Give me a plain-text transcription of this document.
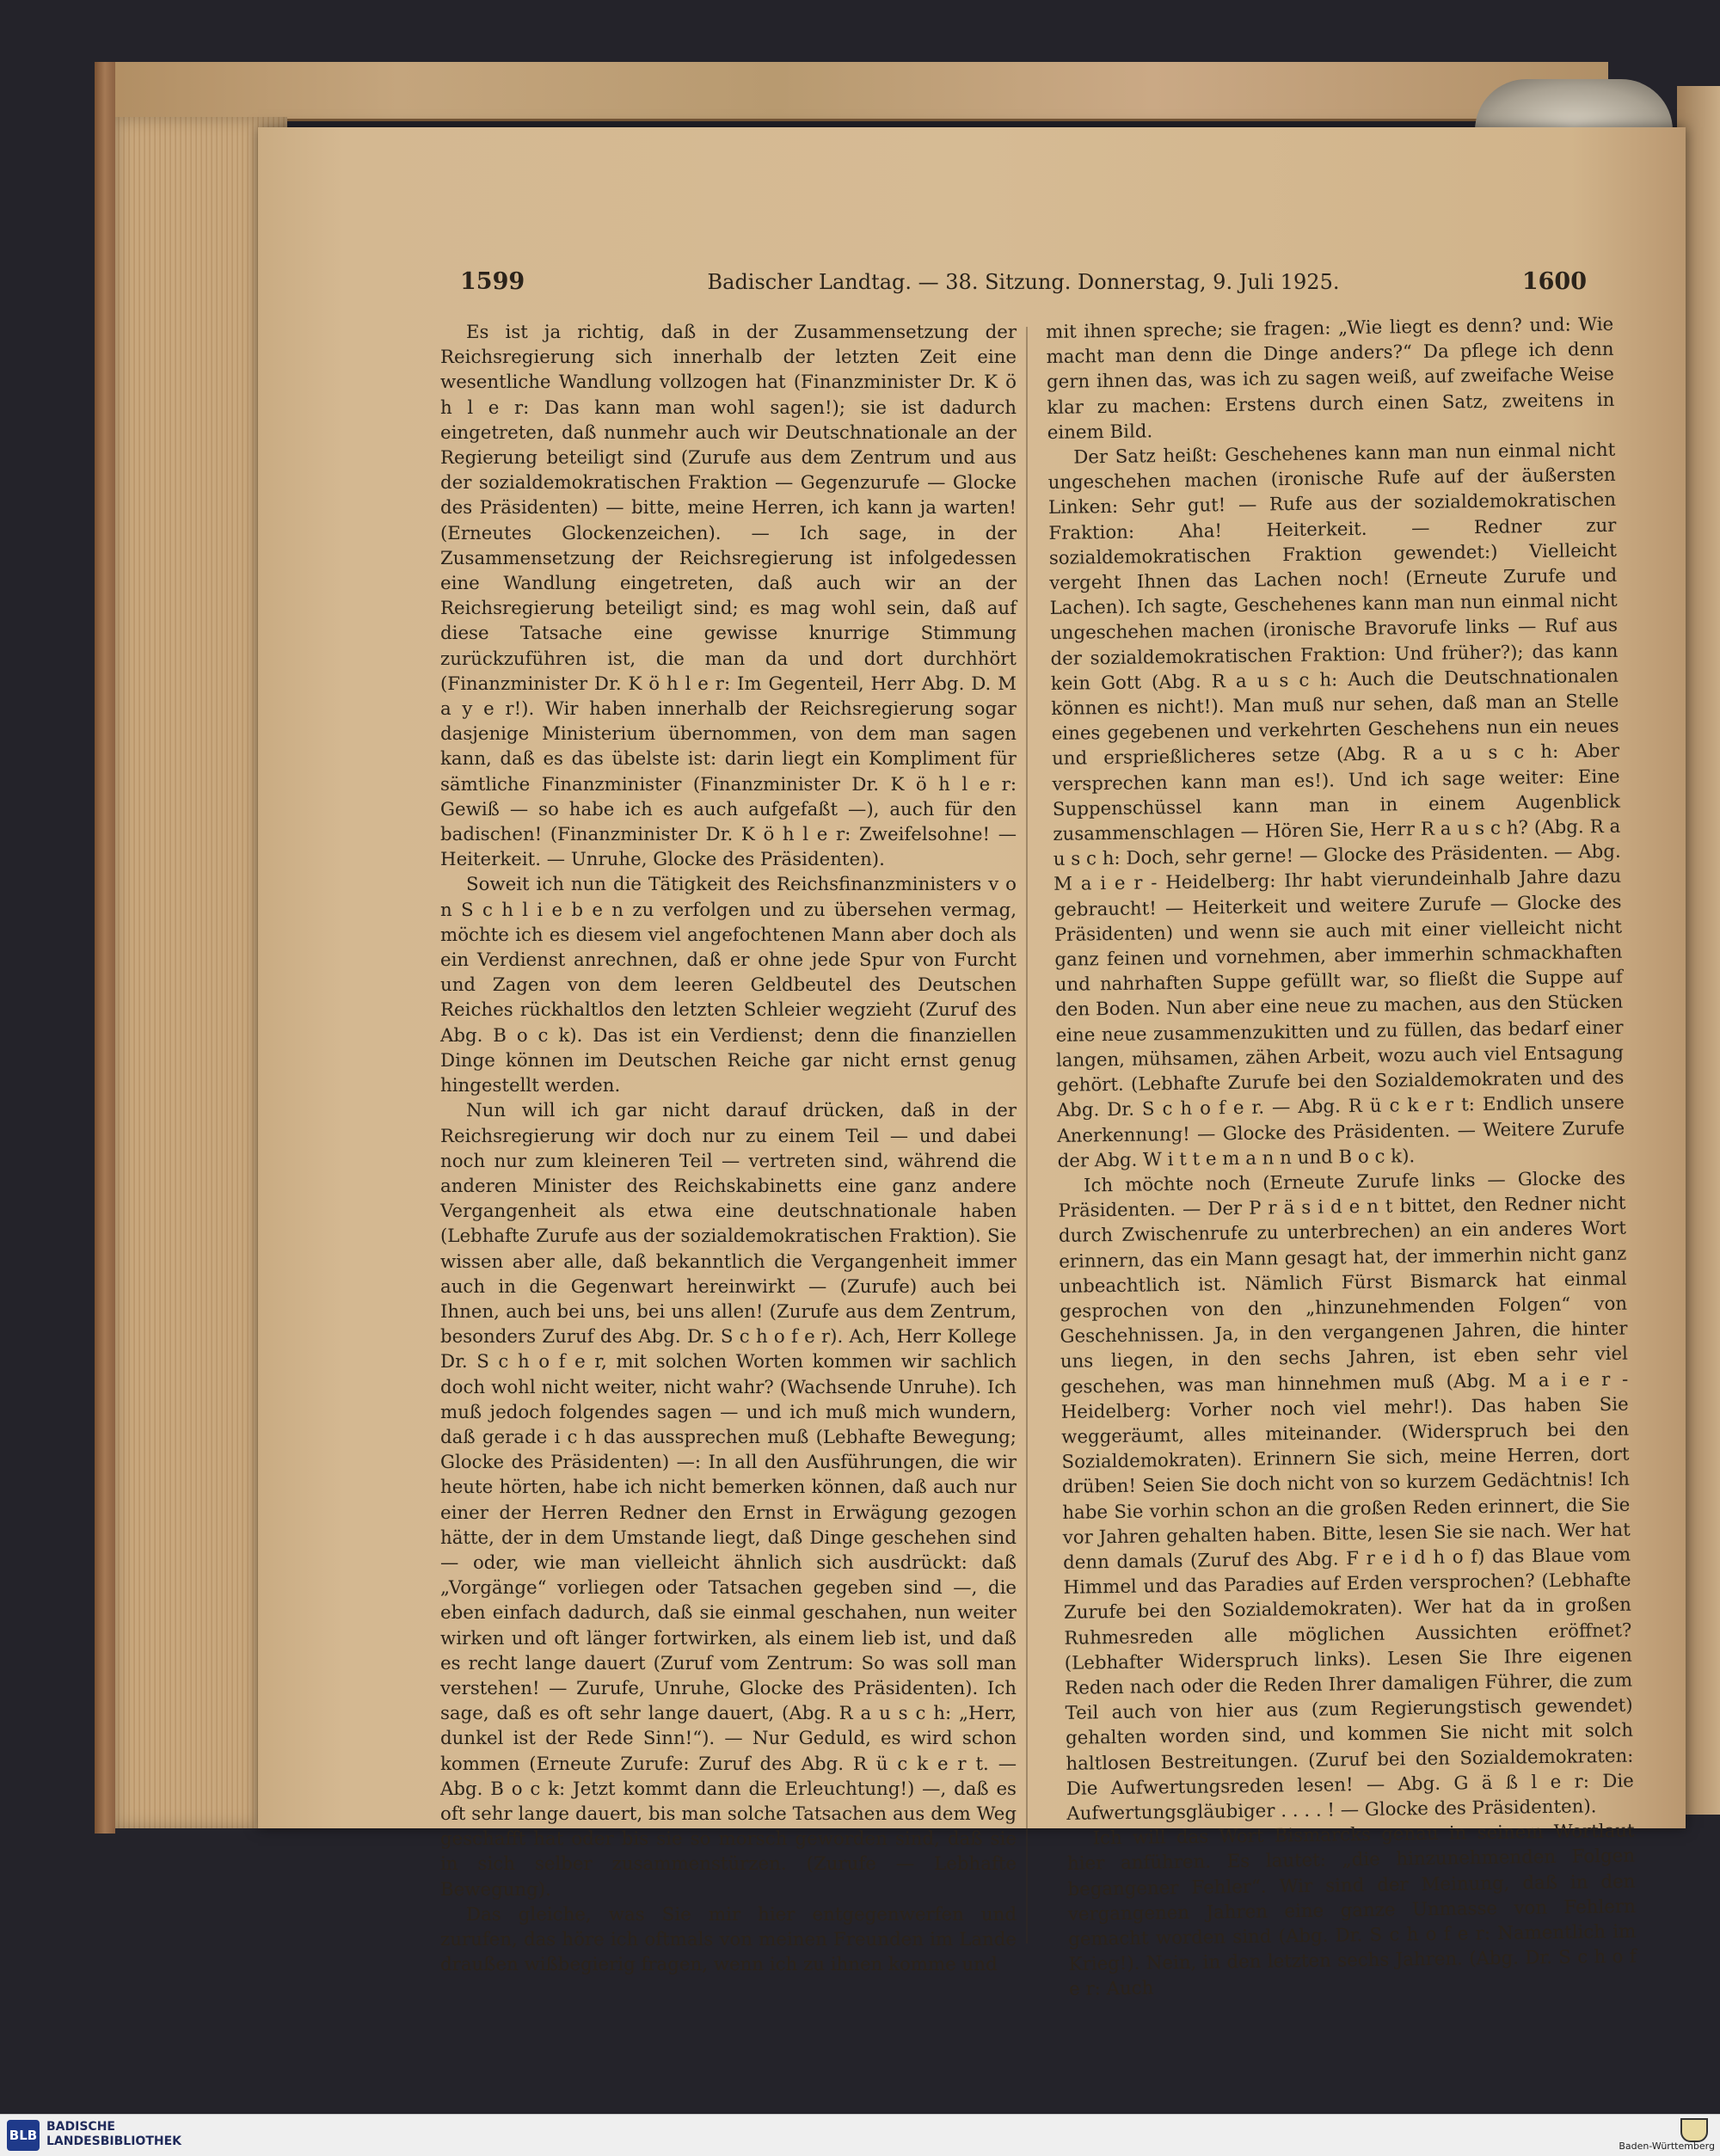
1599	Badischer Landtag. — 38. Sitzung. Donnerstag, 9. Juli 1925.	1600

Es ist ja richtig, daß in der Zusammensetzung der Reichsregierung sich innerhalb der letzten Zeit eine wesentliche Wandlung vollzogen hat (Finanzminister Dr. K ö h l e r: Das kann man wohl sagen!); sie ist dadurch eingetreten, daß nunmehr auch wir Deutschnationale an der Regierung beteiligt sind (Zurufe aus dem Zentrum und aus der sozialdemokratischen Fraktion — Gegenzurufe — Glocke des Präsidenten) — bitte, meine Herren, ich kann ja warten! (Erneutes Glockenzeichen). — Ich sage, in der Zusammensetzung der Reichsregierung ist infolgedessen eine Wandlung eingetreten, daß auch wir an der Reichsregierung beteiligt sind; es mag wohl sein, daß auf diese Tatsache eine gewisse knurrige Stimmung zurückzuführen ist, die man da und dort durchhört (Finanzminister Dr. K ö h l e r: Im Gegenteil, Herr Abg. D. M a y e r!). Wir haben innerhalb der Reichsregierung sogar dasjenige Ministerium übernommen, von dem man sagen kann, daß es das übelste ist: darin liegt ein Kompliment für sämtliche Finanzminister (Finanzminister Dr. K ö h l e r: Gewiß — so habe ich es auch aufgefaßt —), auch für den badischen! (Finanzminister Dr. K ö h l e r: Zweifelsohne! — Heiterkeit. — Unruhe, Glocke des Präsidenten).

Soweit ich nun die Tätigkeit des Reichsfinanzministers v o n S c h l i e b e n zu verfolgen und zu übersehen vermag, möchte ich es diesem viel angefochtenen Mann aber doch als ein Verdienst anrechnen, daß er ohne jede Spur von Furcht und Zagen von dem leeren Geldbeutel des Deutschen Reiches rückhaltlos den letzten Schleier wegzieht (Zuruf des Abg. B o c k). Das ist ein Verdienst; denn die finanziellen Dinge können im Deutschen Reiche gar nicht ernst genug hingestellt werden.

Nun will ich gar nicht darauf drücken, daß in der Reichsregierung wir doch nur zu einem Teil — und dabei noch nur zum kleineren Teil — vertreten sind, während die anderen Minister des Reichskabinetts eine ganz andere Vergangenheit als etwa eine deutschnationale haben (Lebhafte Zurufe aus der sozialdemokratischen Fraktion). Sie wissen aber alle, daß bekanntlich die Vergangenheit immer auch in die Gegenwart hereinwirkt — (Zurufe) auch bei Ihnen, auch bei uns, bei uns allen! (Zurufe aus dem Zentrum, besonders Zuruf des Abg. Dr. S c h o f e r). Ach, Herr Kollege Dr. S c h o f e r, mit solchen Worten kommen wir sachlich doch wohl nicht weiter, nicht wahr? (Wachsende Unruhe). Ich muß jedoch folgendes sagen — und ich muß mich wundern, daß gerade i c h das aussprechen muß (Lebhafte Bewegung; Glocke des Präsidenten) —: In all den Ausführungen, die wir heute hörten, habe ich nicht bemerken können, daß auch nur einer der Herren Redner den Ernst in Erwägung gezogen hätte, der in dem Umstande liegt, daß Dinge geschehen sind — oder, wie man vielleicht ähnlich sich ausdrückt: daß „Vorgänge“ vorliegen oder Tatsachen gegeben sind —, die eben einfach dadurch, daß sie einmal geschahen, nun weiter wirken und oft länger fortwirken, als einem lieb ist, und daß es recht lange dauert (Zuruf vom Zentrum: So was soll man verstehen! — Zurufe, Unruhe, Glocke des Präsidenten). Ich sage, daß es oft sehr lange dauert, (Abg. R a u s c h: „Herr, dunkel ist der Rede Sinn!“). — Nur Geduld, es wird schon kommen (Erneute Zurufe: Zuruf des Abg. R ü c k e r t. — Abg. B o c k: Jetzt kommt dann die Erleuchtung!) —, daß es oft sehr lange dauert, bis man solche Tatsachen aus dem Weg geschafft hat oder bis sie so morsch geworden sind, daß sie in sich selber zusammenstürzen. (Zurufe — Lebhafte Bewegung).

Das gleiche, was Sie mir hier entgegenwerfen und zurufen, das höre ich oftmals von meinen Freunden im Lande draußen wißbegierig fragen, wenn ich zu ihnen komme und

mit ihnen spreche; sie fragen: „Wie liegt es denn? und: Wie macht man denn die Dinge anders?“ Da pflege ich denn gern ihnen das, was ich zu sagen weiß, auf zweifache Weise klar zu machen: Erstens durch einen Satz, zweitens in einem Bild.

Der Satz heißt: Geschehenes kann man nun einmal nicht ungeschehen machen (ironische Rufe auf der äußersten Linken: Sehr gut! — Rufe aus der sozialdemokratischen Fraktion: Aha! Heiterkeit. — Redner zur sozialdemokratischen Fraktion gewendet:) Vielleicht vergeht Ihnen das Lachen noch! (Erneute Zurufe und Lachen). Ich sagte, Geschehenes kann man nun einmal nicht ungeschehen machen (ironische Bravorufe links — Ruf aus der sozialdemokratischen Fraktion: Und früher?); das kann kein Gott (Abg. R a u s c h: Auch die Deutschnationalen können es nicht!). Man muß nur sehen, daß man an Stelle eines gegebenen und verkehrten Geschehens nun ein neues und ersprießlicheres setze (Abg. R a u s c h: Aber versprechen kann man es!). Und ich sage weiter: Eine Suppenschüssel kann man in einem Augenblick zusammenschlagen — Hören Sie, Herr R a u s c h? (Abg. R a u s c h: Doch, sehr gerne! — Glocke des Präsidenten. — Abg. M a i e r - Heidelberg: Ihr habt vierundeinhalb Jahre dazu gebraucht! — Heiterkeit und weitere Zurufe — Glocke des Präsidenten) und wenn sie auch mit einer vielleicht nicht ganz feinen und vornehmen, aber immerhin schmackhaften und nahrhaften Suppe gefüllt war, so fließt die Suppe auf den Boden. Nun aber eine neue zu machen, aus den Stücken eine neue zusammenzukitten und zu füllen, das bedarf einer langen, mühsamen, zähen Arbeit, wozu auch viel Entsagung gehört. (Lebhafte Zurufe bei den Sozialdemokraten und des Abg. Dr. S c h o f e r. — Abg. R ü c k e r t: Endlich unsere Anerkennung! — Glocke des Präsidenten. — Weitere Zurufe der Abg. W i t t e m a n n und B o c k).

Ich möchte noch (Erneute Zurufe links — Glocke des Präsidenten. — Der P r ä s i d e n t bittet, den Redner nicht durch Zwischenrufe zu unterbrechen) an ein anderes Wort erinnern, das ein Mann gesagt hat, der immerhin nicht ganz unbeachtlich ist. Nämlich Fürst Bismarck hat einmal gesprochen von den „hinzunehmenden Folgen“ von Geschehnissen. Ja, in den vergangenen Jahren, die hinter uns liegen, in den sechs Jahren, ist eben sehr viel geschehen, was man hinnehmen muß (Abg. M a i e r - Heidelberg: Vorher noch viel mehr!). Das haben Sie weggeräumt, alles miteinander. (Widerspruch bei den Sozialdemokraten). Erinnern Sie sich, meine Herren, dort drüben! Seien Sie doch nicht von so kurzem Gedächtnis! Ich habe Sie vorhin schon an die großen Reden erinnert, die Sie vor Jahren gehalten haben. Bitte, lesen Sie sie nach. Wer hat denn damals (Zuruf des Abg. F r e i d h o f) das Blaue vom Himmel und das Paradies auf Erden versprochen? (Lebhafte Zurufe bei den Sozialdemokraten). Wer hat da in großen Ruhmesreden alle möglichen Aussichten eröffnet? (Lebhafter Widerspruch links). Lesen Sie Ihre eigenen Reden nach oder die Reden Ihrer damaligen Führer, die zum Teil auch von hier aus (zum Regierungstisch gewendet) gehalten worden sind, und kommen Sie nicht mit solch haltlosen Bestreitungen. (Zuruf bei den Sozialdemokraten: Die Aufwertungsreden lesen! — Abg. G ä ß l e r: Die Aufwertungsgläubiger . . . . ! — Glocke des Präsidenten).

Ich will das Wort Bismarcks genau in seinem Wortlaut hier anführen. Es lautet: „die hinzunehmenden Folgen begangener Fehler“. Wir sind der Meinung, daß in den vergangenen Jahren eine ganze Unmasse von Fehlern gemacht worden sind (Abg. Dr. S c h o f e r: Namentlich im Krieg!). Nein, in den letzten sechs Jahren. (Abg. Dr. S c h o f e r: Auch

BLB
BADISCHE
LANDESBIBLIOTHEK	Baden-Württemberg
